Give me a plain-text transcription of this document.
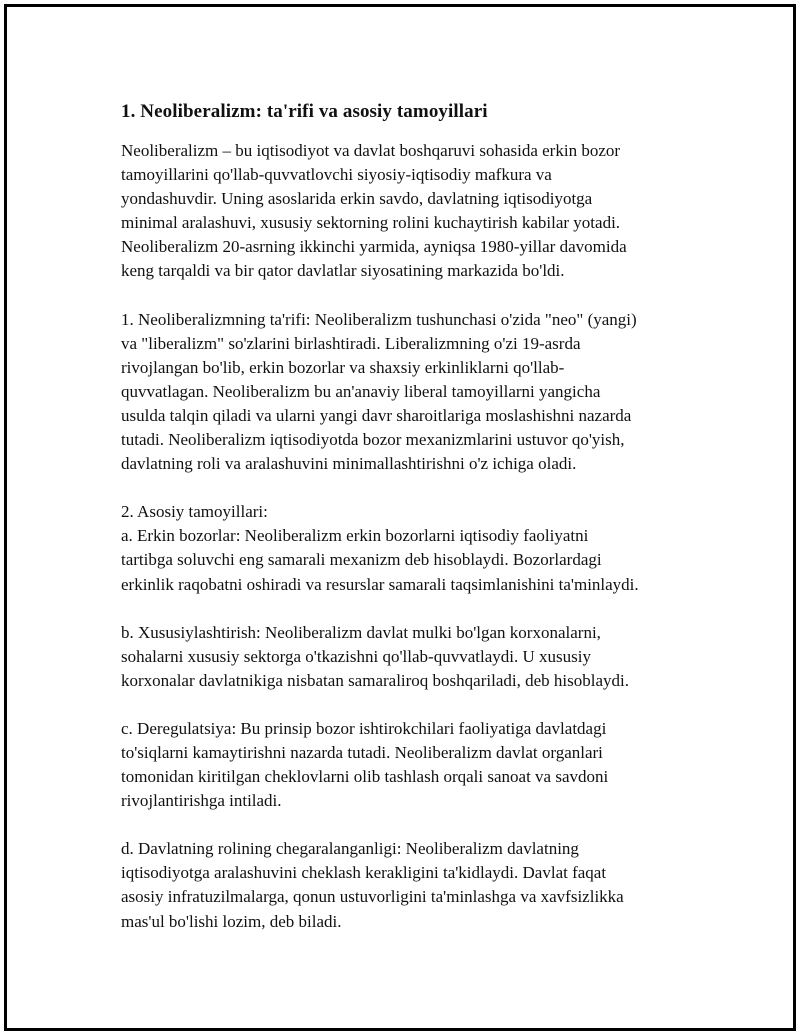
1. Neoliberalizm: ta'rifi va asosiy tamoyillari

Neoliberalizm – bu iqtisodiyot va davlat boshqaruvi sohasida erkin bozor
tamoyillarini qo'llab-quvvatlovchi siyosiy-iqtisodiy mafkura va
yondashuvdir. Uning asoslarida erkin savdo, davlatning iqtisodiyotga
minimal aralashuvi, xususiy sektorning rolini kuchaytirish kabilar yotadi.
Neoliberalizm 20-asrning ikkinchi yarmida, ayniqsa 1980-yillar davomida
keng tarqaldi va bir qator davlatlar siyosatining markazida bo'ldi.

1. Neoliberalizmning ta'rifi: Neoliberalizm tushunchasi o'zida "neo" (yangi)
va "liberalizm" so'zlarini birlashtiradi. Liberalizmning o'zi 19-asrda
rivojlangan bo'lib, erkin bozorlar va shaxsiy erkinliklarni qo'llab-
quvvatlagan. Neoliberalizm bu an'anaviy liberal tamoyillarni yangicha
usulda talqin qiladi va ularni yangi davr sharoitlariga moslashishni nazarda
tutadi. Neoliberalizm iqtisodiyotda bozor mexanizmlarini ustuvor qo'yish,
davlatning roli va aralashuvini minimallashtirishni o'z ichiga oladi.

2. Asosiy tamoyillari:

a. Erkin bozorlar: Neoliberalizm erkin bozorlarni iqtisodiy faoliyatni
tartibga soluvchi eng samarali mexanizm deb hisoblaydi. Bozorlardagi
erkinlik raqobatni oshiradi va resurslar samarali taqsimlanishini ta'minlaydi.

b. Xususiylashtirish: Neoliberalizm davlat mulki bo'lgan korxonalarni,
sohalarni xususiy sektorga o'tkazishni qo'llab-quvvatlaydi. U xususiy
korxonalar davlatnikiga nisbatan samaraliroq boshqariladi, deb hisoblaydi.

c. Deregulatsiya: Bu prinsip bozor ishtirokchilari faoliyatiga davlatdagi
to'siqlarni kamaytirishni nazarda tutadi. Neoliberalizm davlat organlari
tomonidan kiritilgan cheklovlarni olib tashlash orqali sanoat va savdoni
rivojlantirishga intiladi.

d. Davlatning rolining chegaralanganligi: Neoliberalizm davlatning
iqtisodiyotga aralashuvini cheklash kerakligini ta'kidlaydi. Davlat faqat
asosiy infratuzilmalarga, qonun ustuvorligini ta'minlashga va xavfsizlikka
mas'ul bo'lishi lozim, deb biladi.
